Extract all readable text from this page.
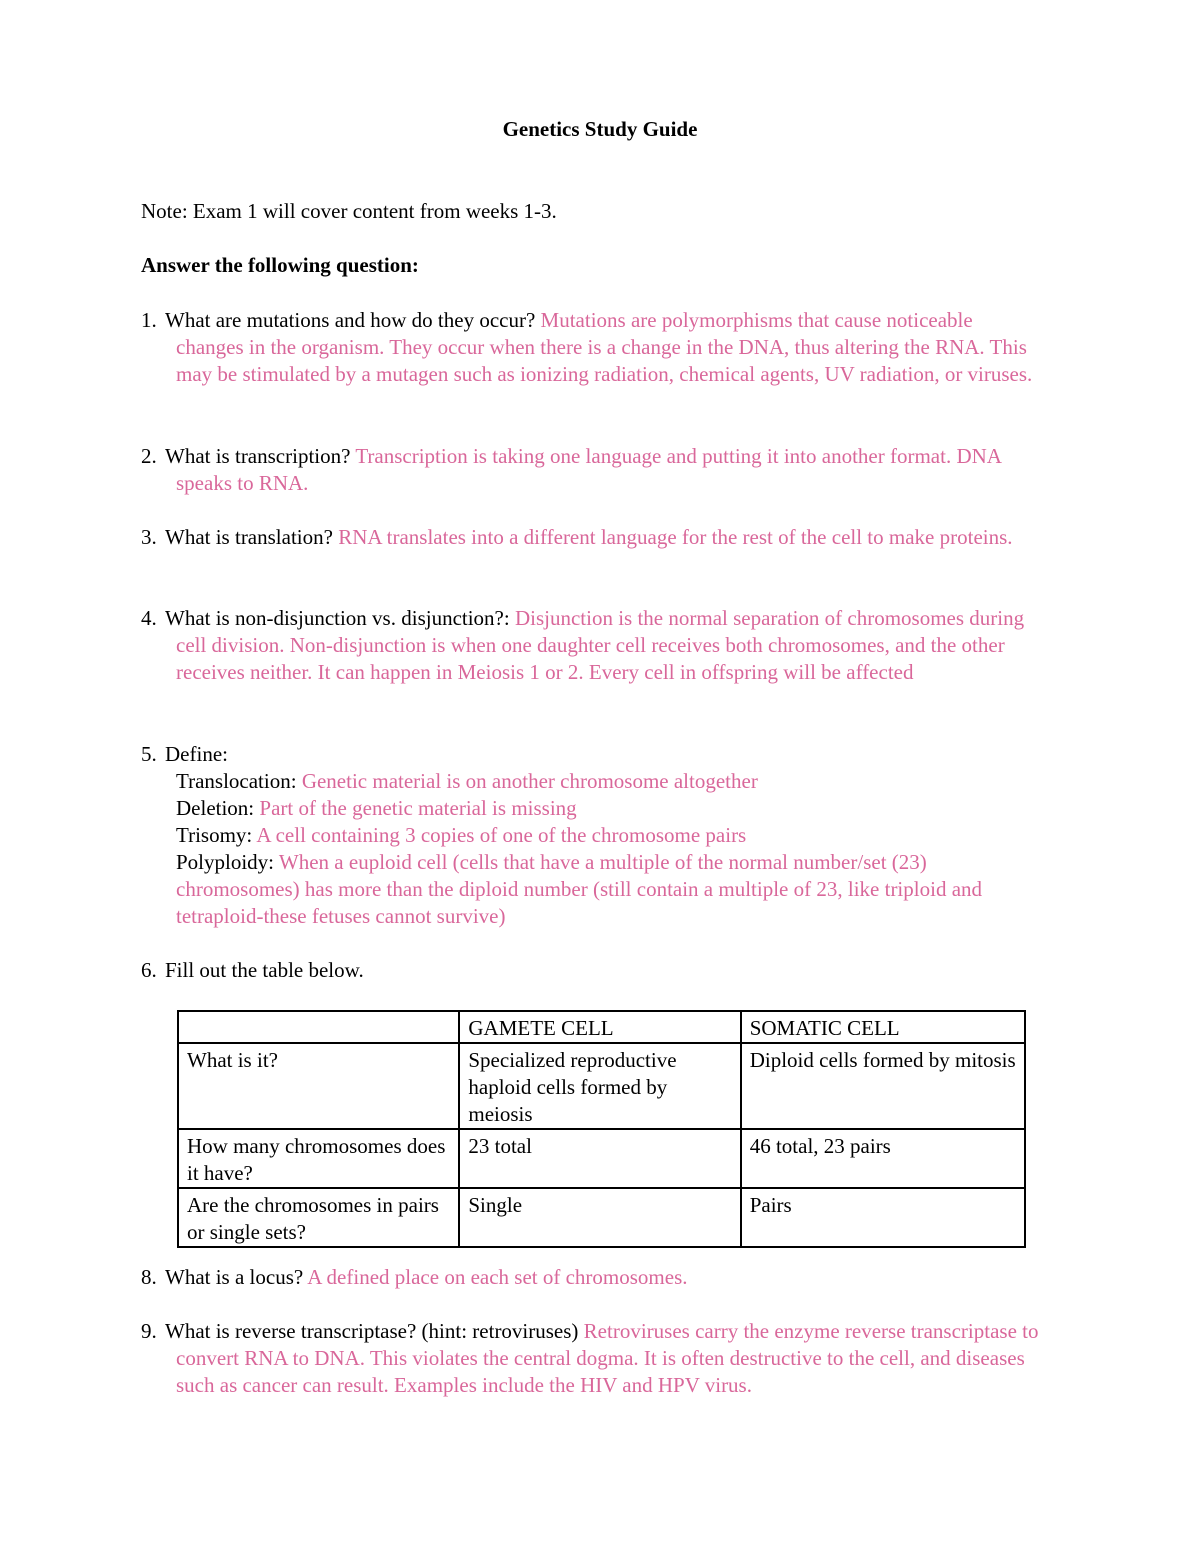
Genetics Study Guide
Note: Exam 1 will cover content from weeks 1-3.
Answer the following question:
1. What are mutations and how do they occur? Mutations are polymorphisms that cause noticeable changes in the organism. They occur when there is a change in the DNA, thus altering the RNA. This may be stimulated by a mutagen such as ionizing radiation, chemical agents, UV radiation, or viruses.
2. What is transcription? Transcription is taking one language and putting it into another format. DNA speaks to RNA.
3. What is translation? RNA translates into a different language for the rest of the cell to make proteins.
4. What is non-disjunction vs. disjunction?: Disjunction is the normal separation of chromosomes during cell division. Non-disjunction is when one daughter cell receives both chromosomes, and the other receives neither. It can happen in Meiosis 1 or 2. Every cell in offspring will be affected
5. Define:
Translocation: Genetic material is on another chromosome altogether
Deletion: Part of the genetic material is missing
Trisomy: A cell containing 3 copies of one of the chromosome pairs
Polyploidy: When a euploid cell (cells that have a multiple of the normal number/set (23) chromosomes) has more than the diploid number (still contain a multiple of 23, like triploid and tetraploid-these fetuses cannot survive)
6. Fill out the table below.
	GAMETE CELL	SOMATIC CELL
What is it?	Specialized reproductive haploid cells formed by meiosis	Diploid cells formed by mitosis
How many chromosomes does it have?	23 total	46 total, 23 pairs
Are the chromosomes in pairs or single sets?	Single	Pairs
8. What is a locus? A defined place on each set of chromosomes.
9. What is reverse transcriptase? (hint: retroviruses) Retroviruses carry the enzyme reverse transcriptase to convert RNA to DNA. This violates the central dogma. It is often destructive to the cell, and diseases such as cancer can result. Examples include the HIV and HPV virus.
